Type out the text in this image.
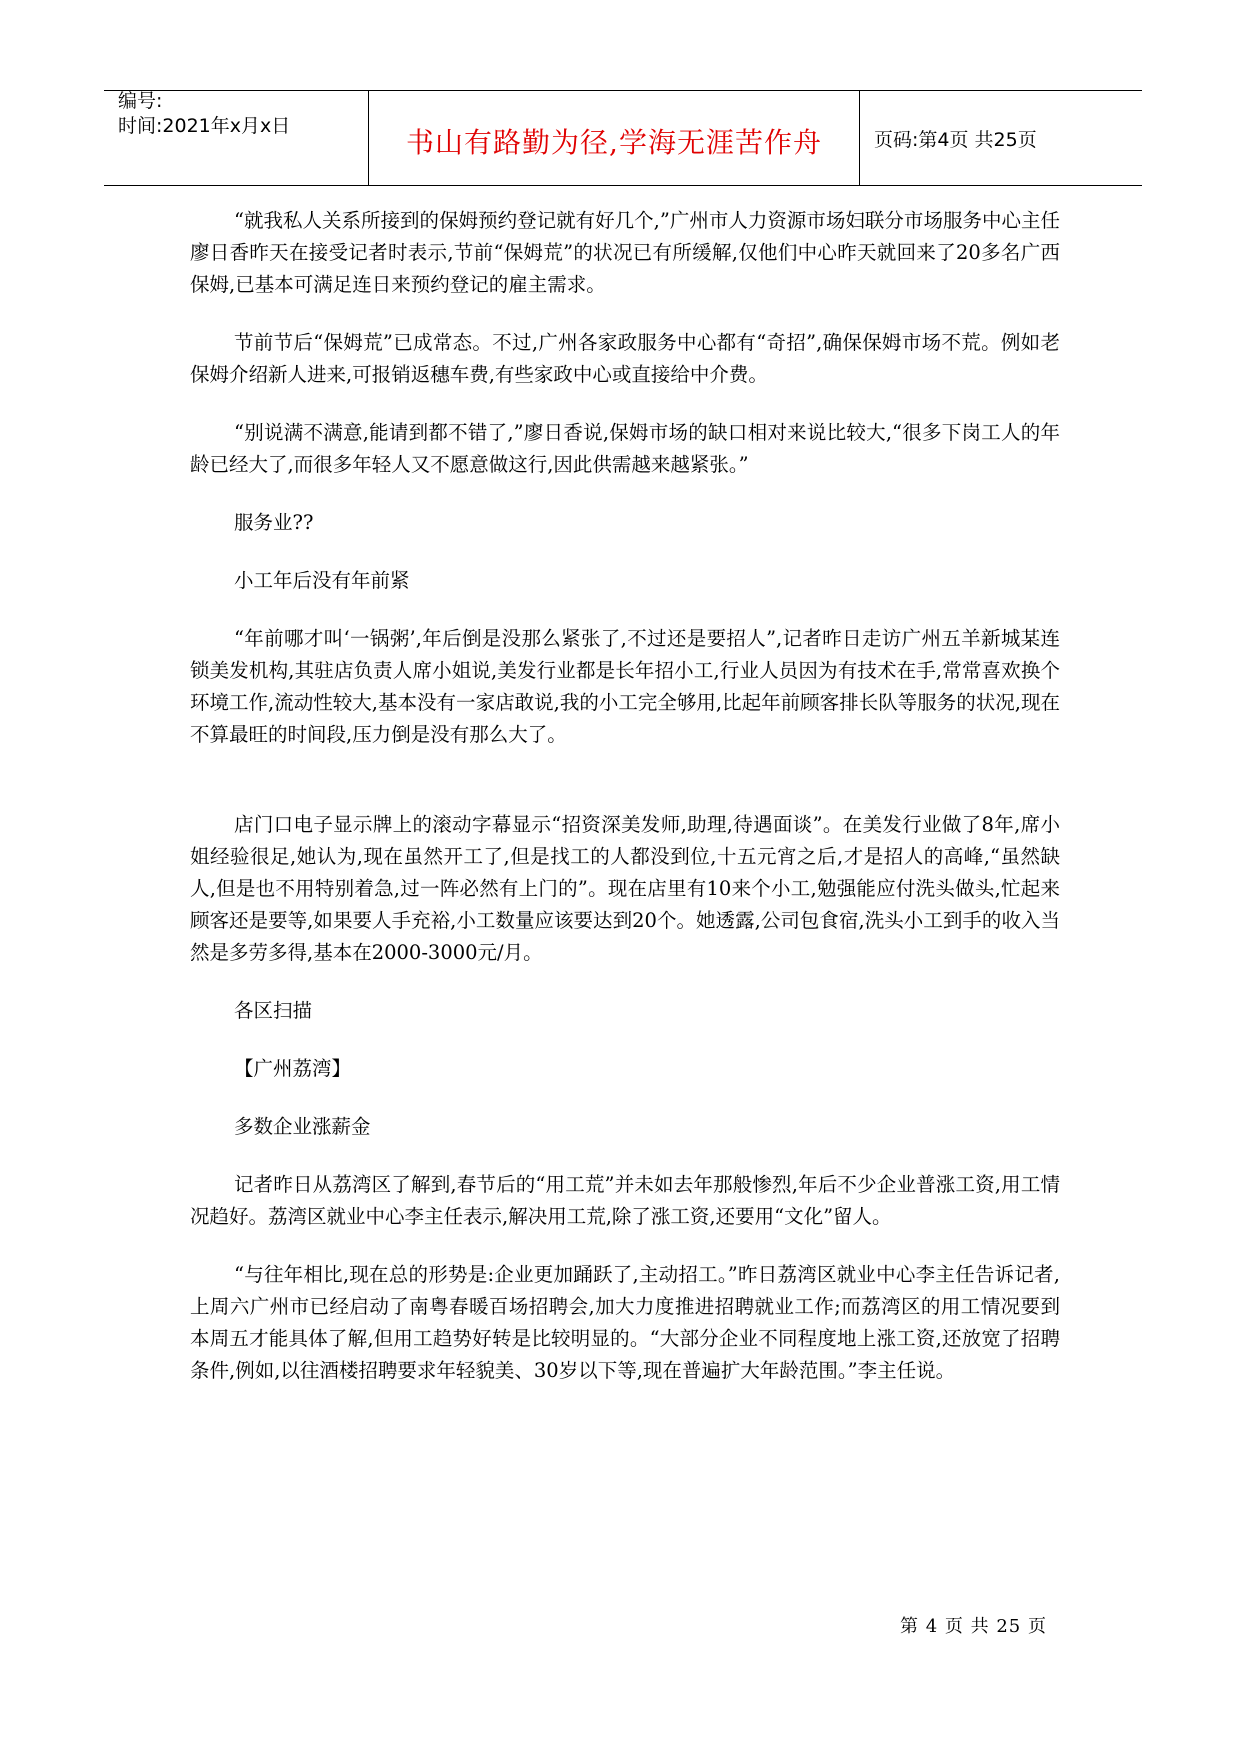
编号:
时间:2021年x月x日	书山有路勤为径,学海无涯苦作舟	页码:第4页 共25页

“就我私人关系所接到的保姆预约登记就有好几个,”广州市人力资源市场妇联分市场服务中心主任廖日香昨天在接受记者时表示,节前“保姆荒”的状况已有所缓解,仅他们中心昨天就回来了20多名广西保姆,已基本可满足连日来预约登记的雇主需求。

节前节后“保姆荒”已成常态。不过,广州各家政服务中心都有“奇招”,确保保姆市场不荒。例如老保姆介绍新人进来,可报销返穗车费,有些家政中心或直接给中介费。

“别说满不满意,能请到都不错了,”廖日香说,保姆市场的缺口相对来说比较大,“很多下岗工人的年龄已经大了,而很多年轻人又不愿意做这行,因此供需越来越紧张。”

服务业??

小工年后没有年前紧

“年前哪才叫‘一锅粥’,年后倒是没那么紧张了,不过还是要招人”,记者昨日走访广州五羊新城某连锁美发机构,其驻店负责人席小姐说,美发行业都是长年招小工,行业人员因为有技术在手,常常喜欢换个环境工作,流动性较大,基本没有一家店敢说,我的小工完全够用,比起年前顾客排长队等服务的状况,现在不算最旺的时间段,压力倒是没有那么大了。

店门口电子显示牌上的滚动字幕显示“招资深美发师,助理,待遇面谈”。在美发行业做了8年,席小姐经验很足,她认为,现在虽然开工了,但是找工的人都没到位,十五元宵之后,才是招人的高峰,“虽然缺人,但是也不用特别着急,过一阵必然有上门的”。现在店里有10来个小工,勉强能应付洗头做头,忙起来顾客还是要等,如果要人手充裕,小工数量应该要达到20个。她透露,公司包食宿,洗头小工到手的收入当然是多劳多得,基本在2000-3000元/月。

各区扫描

【广州荔湾】

多数企业涨薪金

记者昨日从荔湾区了解到,春节后的“用工荒”并未如去年那般惨烈,年后不少企业普涨工资,用工情况趋好。荔湾区就业中心李主任表示,解决用工荒,除了涨工资,还要用“文化”留人。

“与往年相比,现在总的形势是:企业更加踊跃了,主动招工。”昨日荔湾区就业中心李主任告诉记者,上周六广州市已经启动了南粤春暖百场招聘会,加大力度推进招聘就业工作;而荔湾区的用工情况要到本周五才能具体了解,但用工趋势好转是比较明显的。“大部分企业不同程度地上涨工资,还放宽了招聘条件,例如,以往酒楼招聘要求年轻貌美、30岁以下等,现在普遍扩大年龄范围。”李主任说。

第 4 页 共 25 页
